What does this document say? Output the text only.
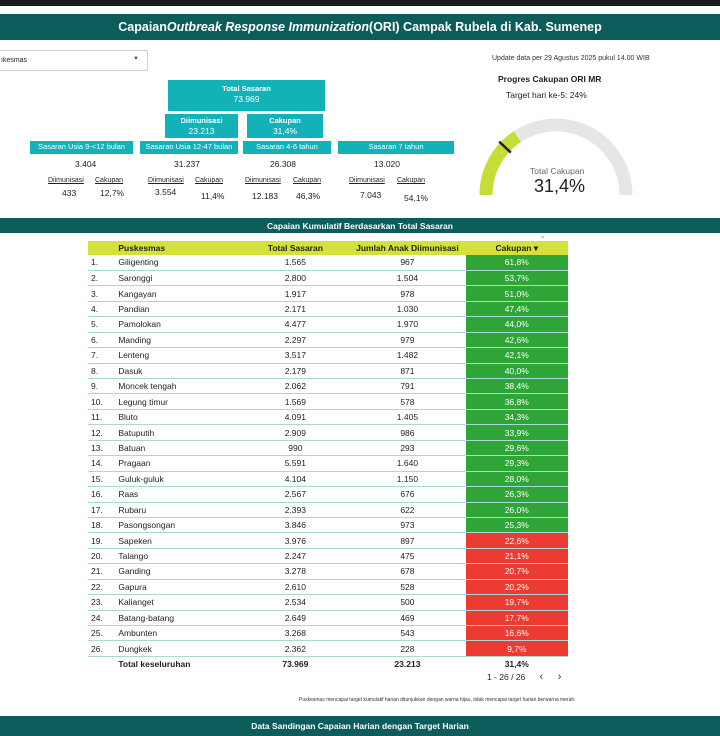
Capaian Outbreak Response Immunization (ORI) Campak Rubela di Kab. Sumenep
ıkesmas	▼
Total Sasaran
73.969
Diimunisasi
23.213
Cakupan
31,4%
Sasaran Usia 9-<12 bulan
3.404
Diimunisasi Cakupan
433	12,7%
Sasaran Usia 12-47 bulan
31.237
Diimunisasi Cakupan
3.554	11,4%
Sasaran 4-6 tahun
26.308
Diimunisasi Cakupan
12.183 46,3%
Sasaran 7 tahun
13.020
Diimunisasi Cakupan
7.043	54,1%
Update data per 29 Agustus 2025 pukul 14.00 WIB
Progres Cakupan ORI MR
Target hari ke-5: 24%
Total Cakupan
31,4%
Capaian Kumulatif Berdasarkan Total Sasaran
⌄
	Puskesmas	Total Sasaran	Jumlah Anak Diimunisasi	Cakupan ▾
1.	Giligenting	1.565	967	61,8%
2.	Saronggi	2.800	1.504	53,7%
3.	Kangayan	1.917	978	51,0%
4.	Pandian	2.171	1.030	47,4%
5.	Pamolokan	4.477	1.970	44,0%
6.	Manding	2.297	979	42,6%
7.	Lenteng	3.517	1.482	42,1%
8.	Dasuk	2.179	871	40,0%
9.	Moncek tengah	2.062	791	38,4%
10.	Legung timur	1.569	578	36,8%
11.	Bluto	4.091	1.405	34,3%
12.	Batuputih	2.909	986	33,9%
13.	Batuan	990	293	29,6%
14.	Pragaan	5.591	1.640	29,3%
15.	Guluk-guluk	4.104	1.150	28,0%
16.	Raas	2.567	676	26,3%
17.	Rubaru	2.393	622	26,0%
18.	Pasongsongan	3.846	973	25,3%
19.	Sapeken	3.976	897	22,6%
20.	Talango	2.247	475	21,1%
21.	Ganding	3.278	678	20,7%
22.	Gapura	2.610	528	20,2%
23.	Kalianget	2.534	500	19,7%
24.	Batang-batang	2.649	469	17,7%
25.	Ambunten	3.268	543	16,6%
26.	Dungkek	2.362	228	9,7%
	Total keseluruhan	73.969	23.213	31,4%
1 - 26 / 26 ‹ ›
Puskesmas mencapai target kumulatif harian ditunjukkan dengan warna hijau, tidak mencapai target harian berwarna merah.
Data Sandingan Capaian Harian dengan Target Harian
